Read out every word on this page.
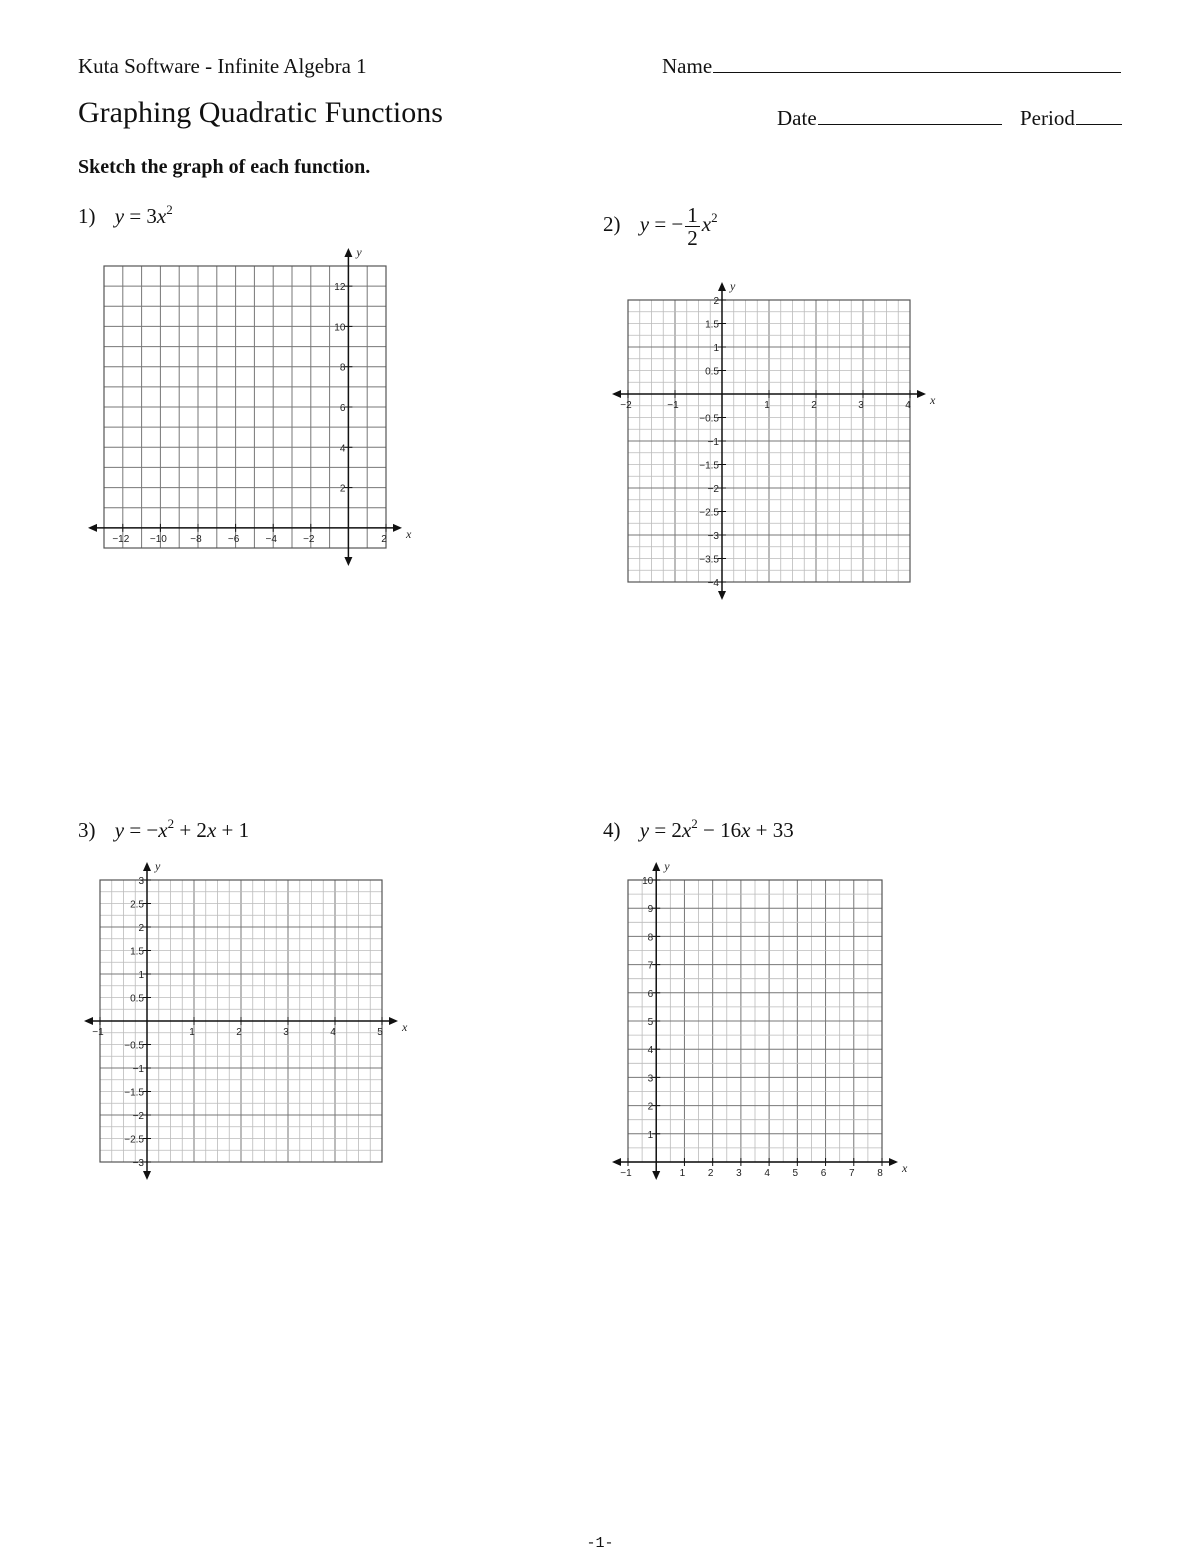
Kuta Software - Infinite Algebra 1	Name
Graphing Quadratic Functions	Date	Period
Sketch the graph of each function.
1) $y = 3x^2$
2) y = − $\frac{1}{2} x^2$
3) $y = -x^2 + 2x + 1$	4) $y = 2x^2 - 16x + 33$
x
y
−12 −10 −8	−6	−4	−2	2
2
4
6
8
10
12
x
y
−2	−1	1	2	3	4
2
1.5
1
0.5
−0.5
−1
−1.5
−2
−2.5
−3
−3.5
−4
x
y
−1	1	2	3	4	5
3
2.5
2
1.5
1
0.5
−0.5
−1
−1.5
−2
−2.5
−3	x
y
−1	1 2 3 4 5 6 7 8
1
2
3
4
5
6
7
8
9
10
-1-
